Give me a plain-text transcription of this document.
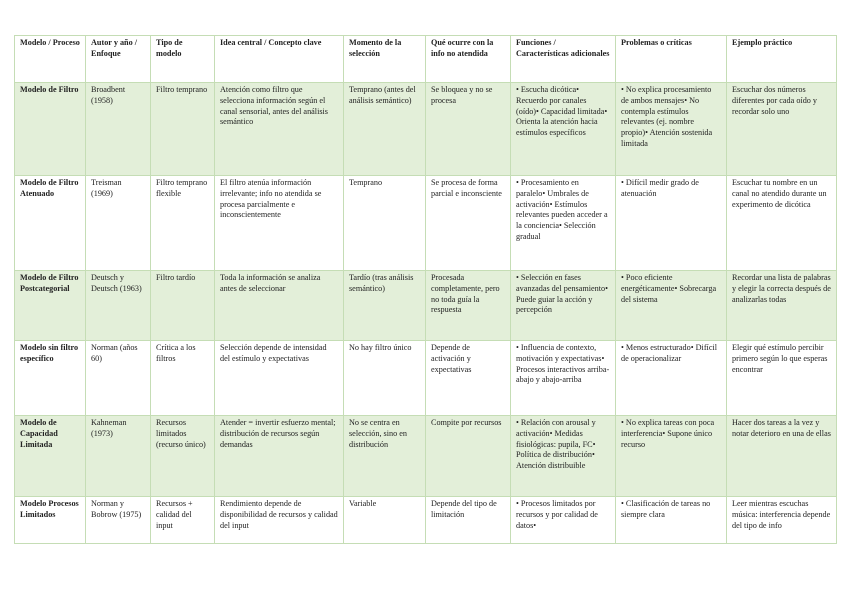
Modelo / Proceso	Autor y año / Enfoque	Tipo de modelo	Idea central / Concepto clave	Momento de la selección	Qué ocurre con la info no atendida	Funciones / Características adicionales	Problemas o críticas	Ejemplo práctico
Modelo de Filtro	Broadbent (1958)	Filtro temprano	Atención como filtro que selecciona información según el canal sensorial, antes del análisis semántico	Temprano (antes del análisis semántico)	Se bloquea y no se procesa	• Escucha dicótica• Recuerdo por canales (oído)• Capacidad limitada• Orienta la atención hacia estímulos específicos	• No explica procesamiento de ambos mensajes• No contempla estímulos relevantes (ej. nombre propio)• Atención sostenida limitada	Escuchar dos números diferentes por cada oído y recordar solo uno
Modelo de Filtro Atenuado	Treisman (1969)	Filtro temprano flexible	El filtro atenúa información irrelevante; info no atendida se procesa parcialmente e inconscientemente	Temprano	Se procesa de forma parcial e inconsciente	• Procesamiento en paralelo• Umbrales de activación• Estímulos relevantes pueden acceder a la conciencia• Selección gradual	• Difícil medir grado de atenuación	Escuchar tu nombre en un canal no atendido durante un experimento de dicótica
Modelo de Filtro Postcategorial	Deutsch y Deutsch (1963)	Filtro tardío	Toda la información se analiza antes de seleccionar	Tardío (tras análisis semántico)	Procesada completamente, pero no toda guía la respuesta	• Selección en fases avanzadas del pensamiento• Puede guiar la acción y percepción	• Poco eficiente energéticamente• Sobrecarga del sistema	Recordar una lista de palabras y elegir la correcta después de analizarlas todas
Modelo sin filtro específico	Norman (años 60)	Crítica a los filtros	Selección depende de intensidad del estímulo y expectativas	No hay filtro único	Depende de activación y expectativas	• Influencia de contexto, motivación y expectativas• Procesos interactivos arriba-abajo y abajo-arriba	• Menos estructurado• Difícil de operacionalizar	Elegir qué estímulo percibir primero según lo que esperas encontrar
Modelo de Capacidad Limitada	Kahneman (1973)	Recursos limitados (recurso único)	Atender = invertir esfuerzo mental; distribución de recursos según demandas	No se centra en selección, sino en distribución	Compite por recursos	• Relación con arousal y activación• Medidas fisiológicas: pupila, FC• Política de distribución• Atención distribuible	• No explica tareas con poca interferencia• Supone único recurso	Hacer dos tareas a la vez y notar deterioro en una de ellas
Modelo Procesos Limitados	Norman y Bobrow (1975)	Recursos + calidad del input	Rendimiento depende de disponibilidad de recursos y calidad del input	Variable	Depende del tipo de limitación	• Procesos limitados por recursos y por calidad de datos•	• Clasificación de tareas no siempre clara	Leer mientras escuchas música: interferencia depende del tipo de info
